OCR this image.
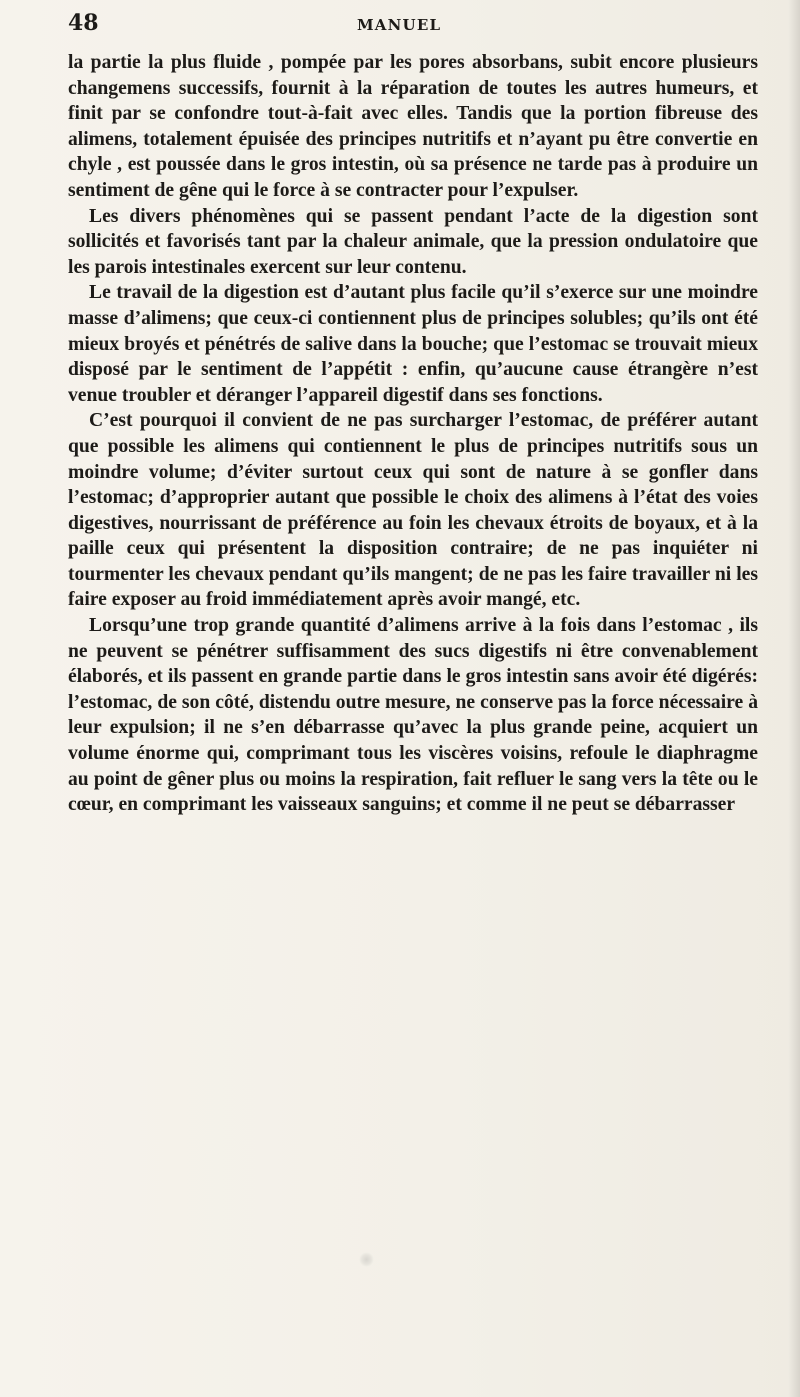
48	MANUEL

la partie la plus fluide , pompée par les pores absorbans, subit encore plusieurs changemens successifs, fournit à la réparation de toutes les autres humeurs, et finit par se confondre tout-à-fait avec elles. Tandis que la portion fibreuse des alimens, totalement épuisée des principes nutritifs et n’ayant pu être convertie en chyle , est poussée dans le gros intestin, où sa présence ne tarde pas à produire un sentiment de gêne qui le force à se contracter pour l’expulser.

Les divers phénomènes qui se passent pendant l’acte de la digestion sont sollicités et favorisés tant par la chaleur animale, que la pression ondulatoire que les parois intestinales exercent sur leur contenu.

Le travail de la digestion est d’autant plus facile qu’il s’exerce sur une moindre masse d’alimens; que ceux-ci contiennent plus de principes solubles; qu’ils ont été mieux broyés et pénétrés de salive dans la bouche; que l’estomac se trouvait mieux disposé par le sentiment de l’appétit : enfin, qu’aucune cause étrangère n’est venue troubler et déranger l’appareil digestif dans ses fonctions.

C’est pourquoi il convient de ne pas surcharger l’estomac, de préférer autant que possible les alimens qui contiennent le plus de principes nutritifs sous un moindre volume; d’éviter surtout ceux qui sont de nature à se gonfler dans l’estomac; d’approprier autant que possible le choix des alimens à l’état des voies digestives, nourrissant de préférence au foin les chevaux étroits de boyaux, et à la paille ceux qui présentent la disposition contraire; de ne pas inquiéter ni tourmenter les chevaux pendant qu’ils mangent; de ne pas les faire travailler ni les faire exposer au froid immédiatement après avoir mangé, etc.

Lorsqu’une trop grande quantité d’alimens arrive à la fois dans l’estomac , ils ne peuvent se pénétrer suffisamment des sucs digestifs ni être convenablement élaborés, et ils passent en grande partie dans le gros intestin sans avoir été digérés: l’estomac, de son côté, distendu outre mesure, ne conserve pas la force nécessaire à leur expulsion; il ne s’en débarrasse qu’avec la plus grande peine, acquiert un volume énorme qui, comprimant tous les viscères voisins, refoule le diaphragme au point de gêner plus ou moins la respiration, fait refluer le sang vers la tête ou le cœur, en comprimant les vaisseaux sanguins; et comme il ne peut se débarrasser
